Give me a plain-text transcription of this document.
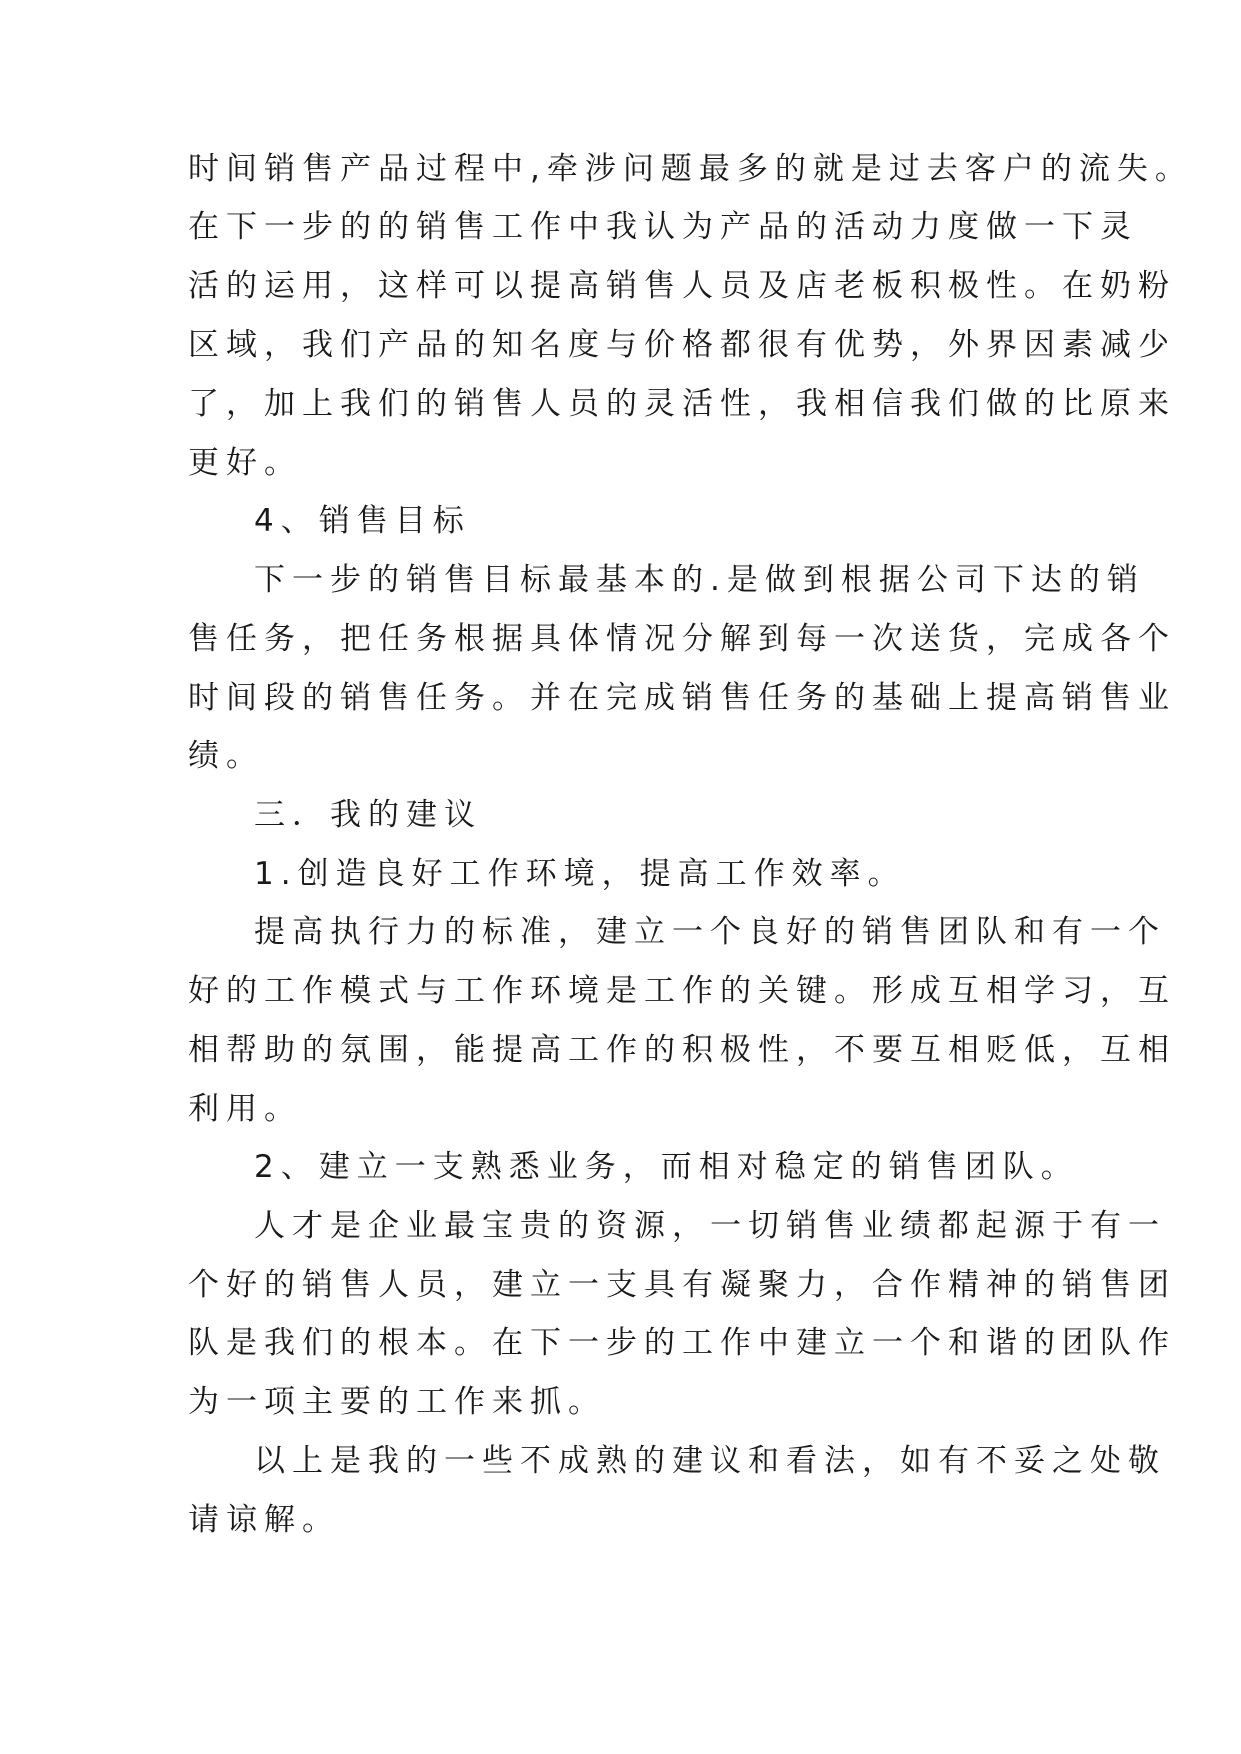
时间销售产品过程中,牵涉问题最多的就是过去客户的流失。
在下一步的的销售工作中我认为产品的活动力度做一下灵
活的运用，这样可以提高销售人员及店老板积极性。在奶粉
区域，我们产品的知名度与价格都很有优势，外界因素减少
了，加上我们的销售人员的灵活性，我相信我们做的比原来
更好。
4、销售目标
下一步的销售目标最基本的.是做到根据公司下达的销
售任务，把任务根据具体情况分解到每一次送货，完成各个
时间段的销售任务。并在完成销售任务的基础上提高销售业
绩。
三．我的建议
1.创造良好工作环境，提高工作效率。
提高执行力的标准，建立一个良好的销售团队和有一个
好的工作模式与工作环境是工作的关键。形成互相学习，互
相帮助的氛围，能提高工作的积极性，不要互相贬低，互相
利用。
2、建立一支熟悉业务，而相对稳定的销售团队。
人才是企业最宝贵的资源，一切销售业绩都起源于有一
个好的销售人员，建立一支具有凝聚力，合作精神的销售团
队是我们的根本。在下一步的工作中建立一个和谐的团队作
为一项主要的工作来抓。
以上是我的一些不成熟的建议和看法，如有不妥之处敬
请谅解。
